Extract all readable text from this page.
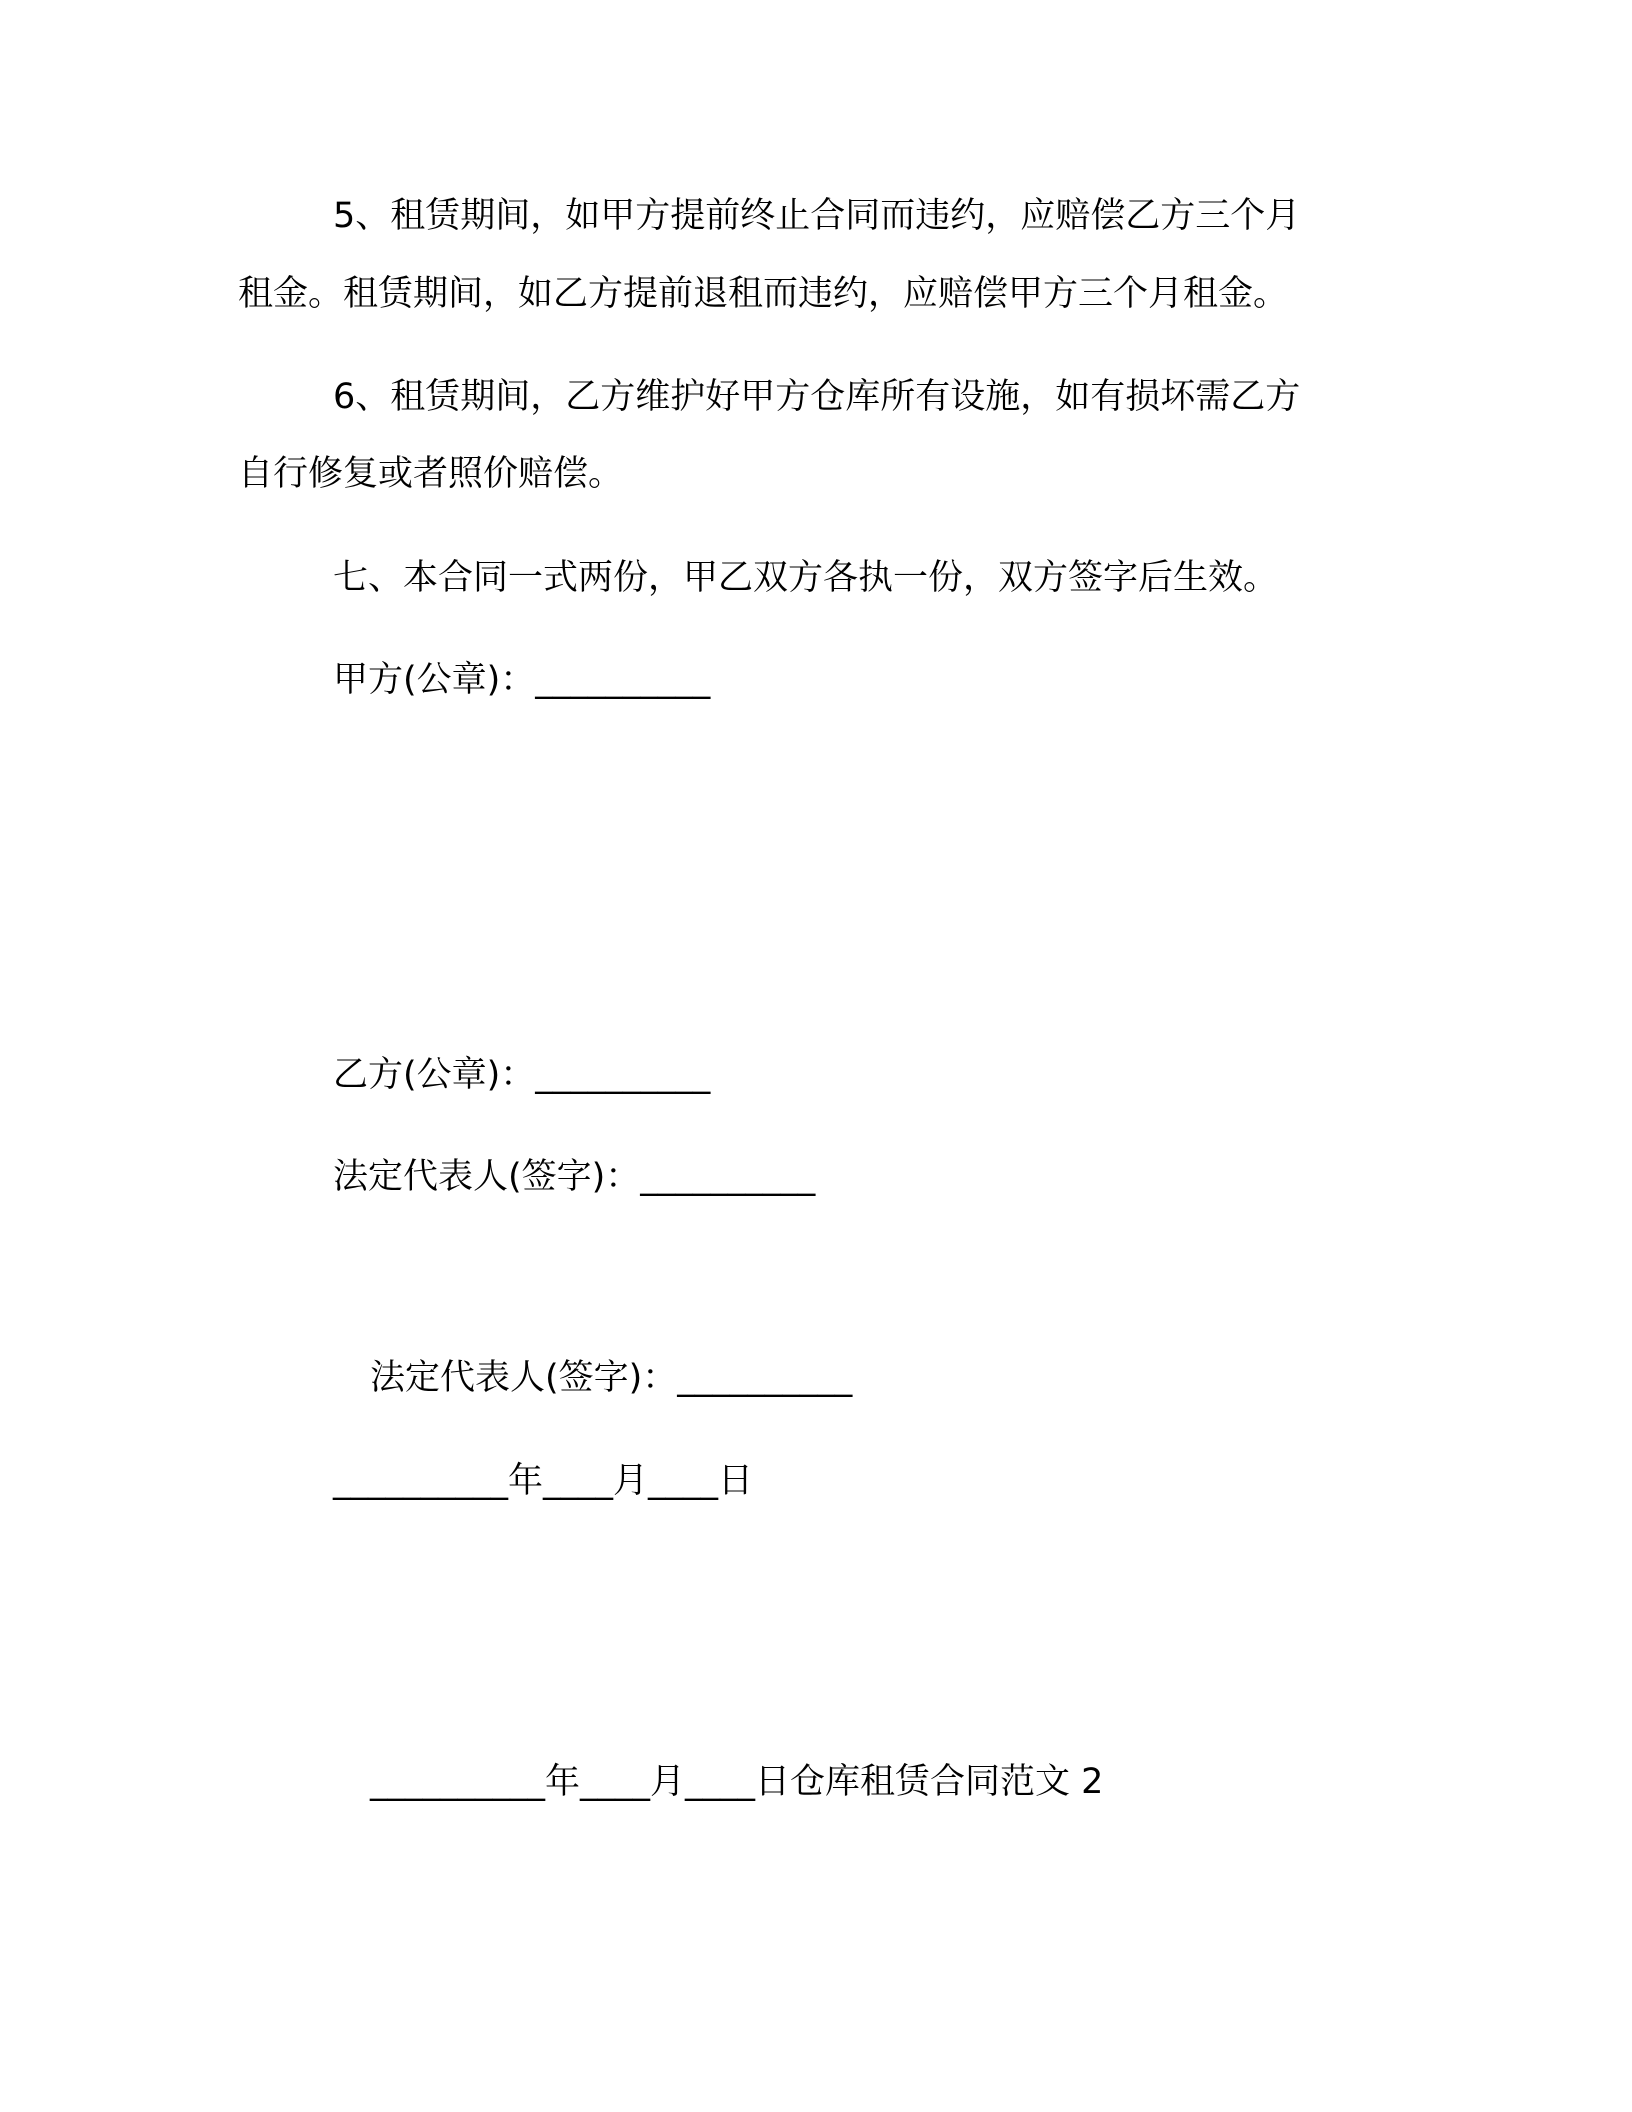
5、租赁期间，如甲方提前终止合同而违约，应赔偿乙方三个月
租金。租赁期间，如乙方提前退租而违约，应赔偿甲方三个月租金。
6、租赁期间，乙方维护好甲方仓库所有设施，如有损坏需乙方
自行修复或者照价赔偿。
七、本合同一式两份，甲乙双方各执一份，双方签字后生效。
甲方(公章)：__________
乙方(公章)：__________
法定代表人(签字)：__________
法定代表人(签字)：__________
__________年____月____日
__________年____月____日仓库租赁合同范文 2
